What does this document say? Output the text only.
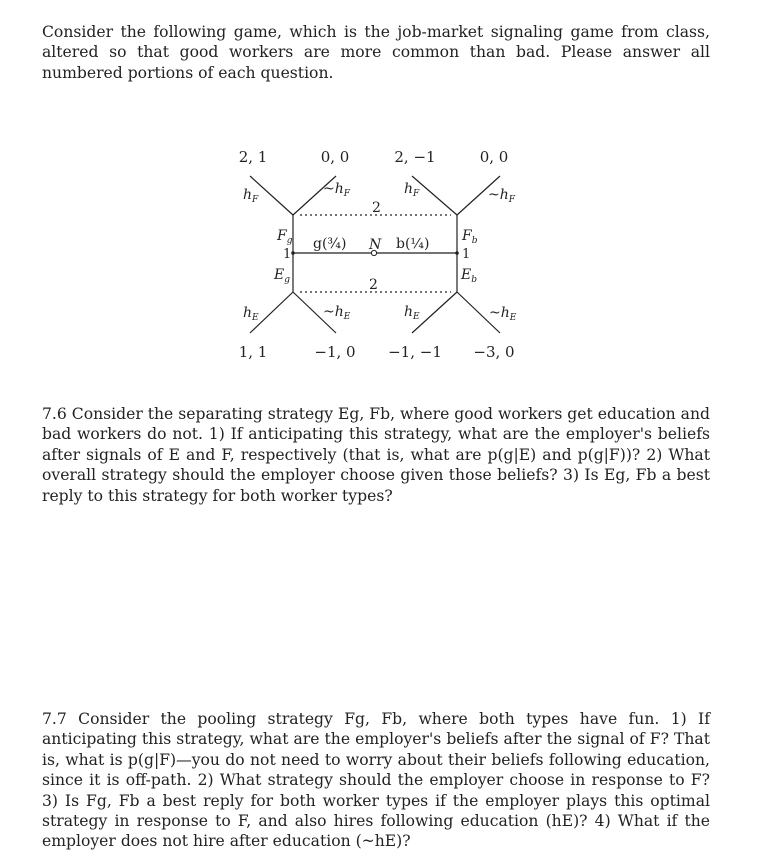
Consider the following game, which is the job-market signaling game from class, altered so that good workers are more common than bad. Please answer all numbered portions of each question.
2, 1	0, 0	2, −1	0, 0
1, 1	−1, 0 −1, −1 −3, 0
$h_F$
$\sim h_F$
2
$h_F$	$\sim h_F$
$F_g$
1
$E_g$
$F_b$
1
$E_b$
g(¾) N b(¼)
2
$h_E$	$\sim h_E$	$h_E$	$\sim h_E$
7.6 Consider the separating strategy Eg, Fb, where good workers get education and bad workers do not. 1) If anticipating this strategy, what are the employer's beliefs after signals of E and F, respectively (that is, what are p(g|E) and p(g|F))? 2) What overall strategy should the employer choose given those beliefs? 3) Is Eg, Fb a best reply to this strategy for both worker types?
7.7 Consider the pooling strategy Fg, Fb, where both types have fun. 1) If anticipating this strategy, what are the employer's beliefs after the signal of F? That is, what is p(g|F)—you do not need to worry about their beliefs following education, since it is off-path. 2) What strategy should the employer choose in response to F? 3) Is Fg, Fb a best reply for both worker types if the employer plays this optimal strategy in response to F, and also hires following education (hE)? 4) What if the employer does not hire after education (~hE)?
